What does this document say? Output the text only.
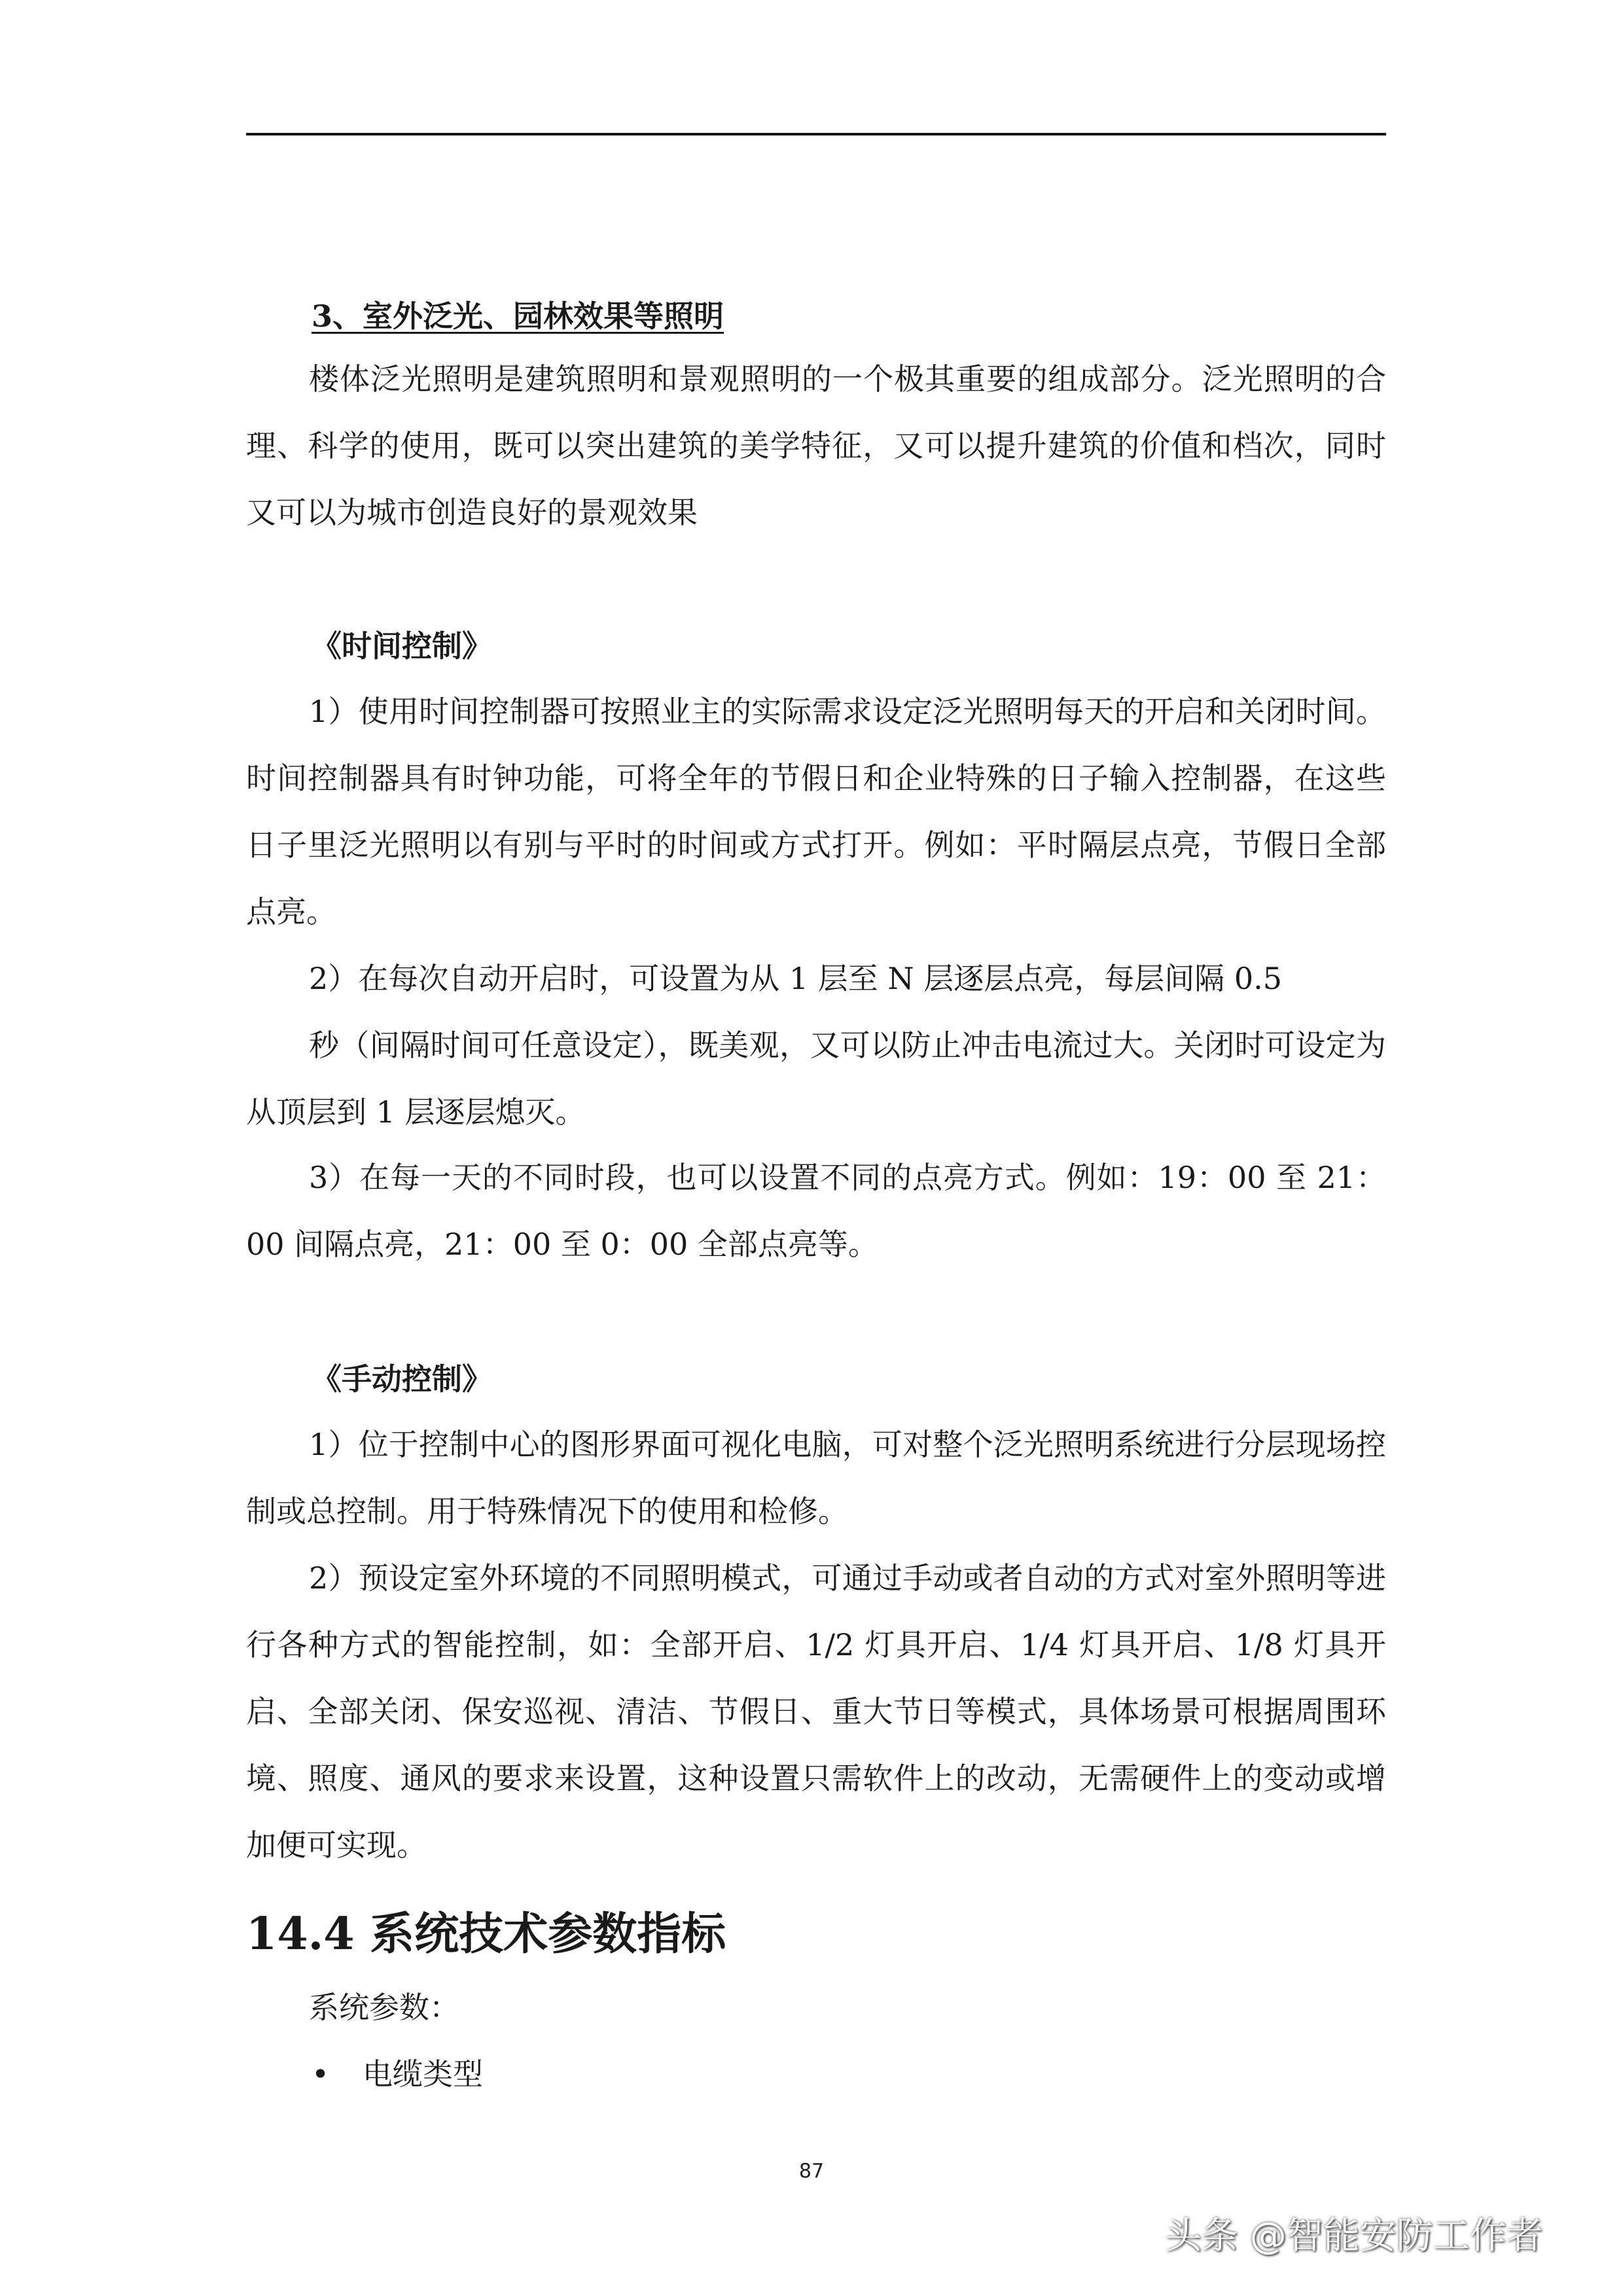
3、室外泛光、园林效果等照明

楼体泛光照明是建筑照明和景观照明的一个极其重要的组成部分。泛光照明的合理、科学的使用，既可以突出建筑的美学特征，又可以提升建筑的价值和档次，同时又可以为城市创造良好的景观效果

《时间控制》

1）使用时间控制器可按照业主的实际需求设定泛光照明每天的开启和关闭时间。时间控制器具有时钟功能，可将全年的节假日和企业特殊的日子输入控制器，在这些日子里泛光照明以有别与平时的时间或方式打开。例如：平时隔层点亮，节假日全部点亮。

2）在每次自动开启时，可设置为从 1 层至 N 层逐层点亮，每层间隔 0.5

秒（间隔时间可任意设定），既美观，又可以防止冲击电流过大。关闭时可设定为从顶层到 1 层逐层熄灭。

3）在每一天的不同时段，也可以设置不同的点亮方式。例如：19：00 至 21：00 间隔点亮，21：00 至 0：00 全部点亮等。

《手动控制》

1）位于控制中心的图形界面可视化电脑，可对整个泛光照明系统进行分层现场控制或总控制。用于特殊情况下的使用和检修。

2）预设定室外环境的不同照明模式，可通过手动或者自动的方式对室外照明等进行各种方式的智能控制，如：全部开启、1/2 灯具开启、1/4 灯具开启、1/8 灯具开启、全部关闭、保安巡视、清洁、节假日、重大节日等模式，具体场景可根据周围环境、照度、通风的要求来设置，这种设置只需软件上的改动，无需硬件上的变动或增加便可实现。

14.4 系统技术参数指标

系统参数：

• 电缆类型
87
头条 @智能安防工作者
